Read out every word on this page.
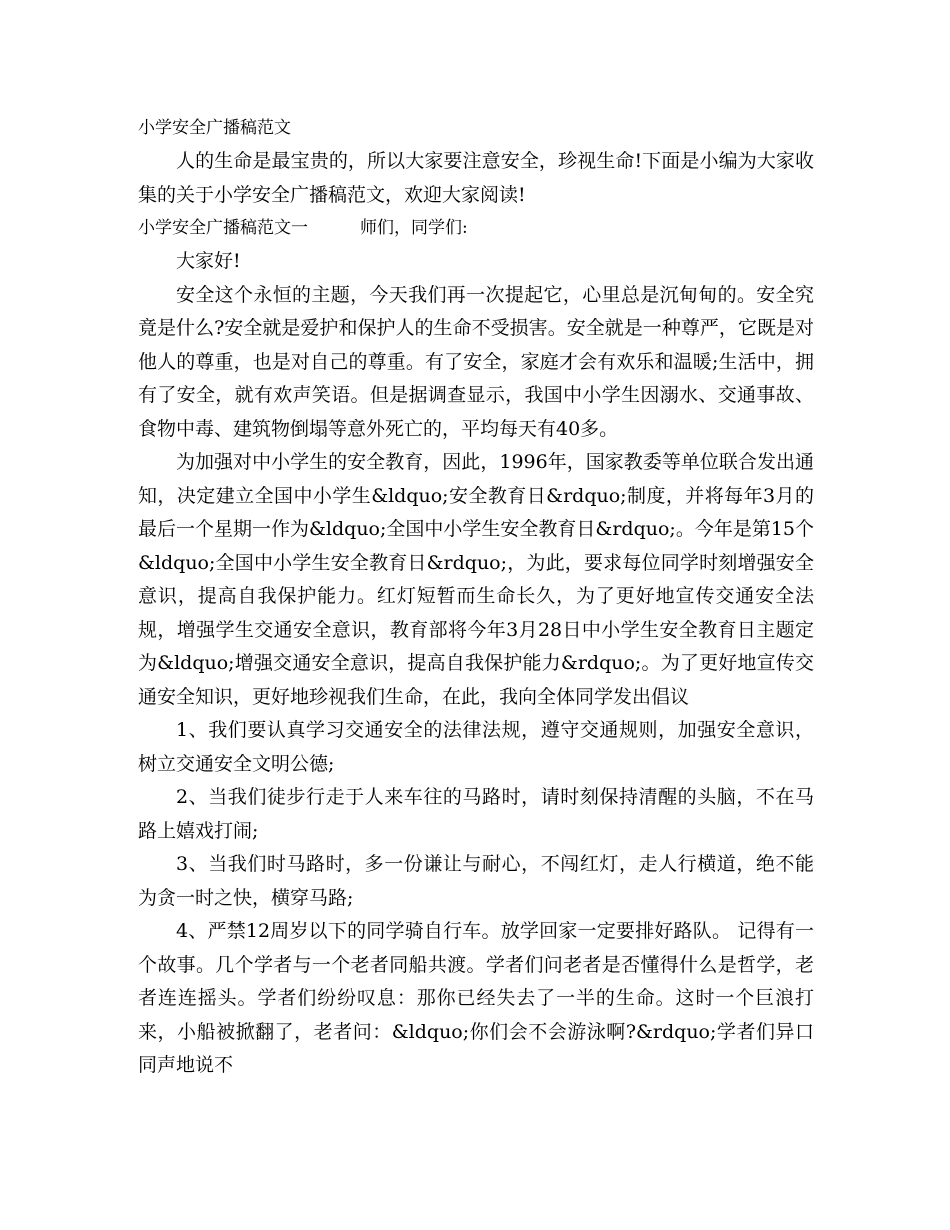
小学安全广播稿范文

人的生命是最宝贵的，所以大家要注意安全，珍视生命!下面是小编为大家收集的关于小学安全广播稿范文，欢迎大家阅读!

小学安全广播稿范文一	师们，同学们:

大家好!

安全这个永恒的主题，今天我们再一次提起它，心里总是沉甸甸的。安全究竟是什么?安全就是爱护和保护人的生命不受损害。安全就是一种尊严，它既是对他人的尊重，也是对自己的尊重。有了安全，家庭才会有欢乐和温暖;生活中，拥有了安全，就有欢声笑语。但是据调查显示，我国中小学生因溺水、交通事故、食物中毒、建筑物倒塌等意外死亡的，平均每天有40多。

为加强对中小学生的安全教育，因此，1996年，国家教委等单位联合发出通知，决定建立全国中小学生&ldquo;安全教育日&rdquo;制度，并将每年3月的最后一个星期一作为&ldquo;全国中小学生安全教育日&rdquo;。今年是第15个&ldquo;全国中小学生安全教育日&rdquo;，为此，要求每位同学时刻增强安全意识，提高自我保护能力。红灯短暂而生命长久，为了更好地宣传交通安全法规，增强学生交通安全意识，教育部将今年3月28日中小学生安全教育日主题定为&ldquo;增强交通安全意识，提高自我保护能力&rdquo;。为了更好地宣传交通安全知识，更好地珍视我们生命，在此，我向全体同学发出倡议

1、我们要认真学习交通安全的法律法规，遵守交通规则，加强安全意识，树立交通安全文明公德;

2、当我们徒步行走于人来车往的马路时，请时刻保持清醒的头脑，不在马路上嬉戏打闹;

3、当我们时马路时，多一份谦让与耐心，不闯红灯，走人行横道，绝不能为贪一时之快，横穿马路;

4、严禁12周岁以下的同学骑自行车。放学回家一定要排好路队。 记得有一个故事。几个学者与一个老者同船共渡。学者们问老者是否懂得什么是哲学，老者连连摇头。学者们纷纷叹息：那你已经失去了一半的生命。这时一个巨浪打来，小船被掀翻了，老者问：&ldquo;你们会不会游泳啊?&rdquo;学者们异口同声地说不
